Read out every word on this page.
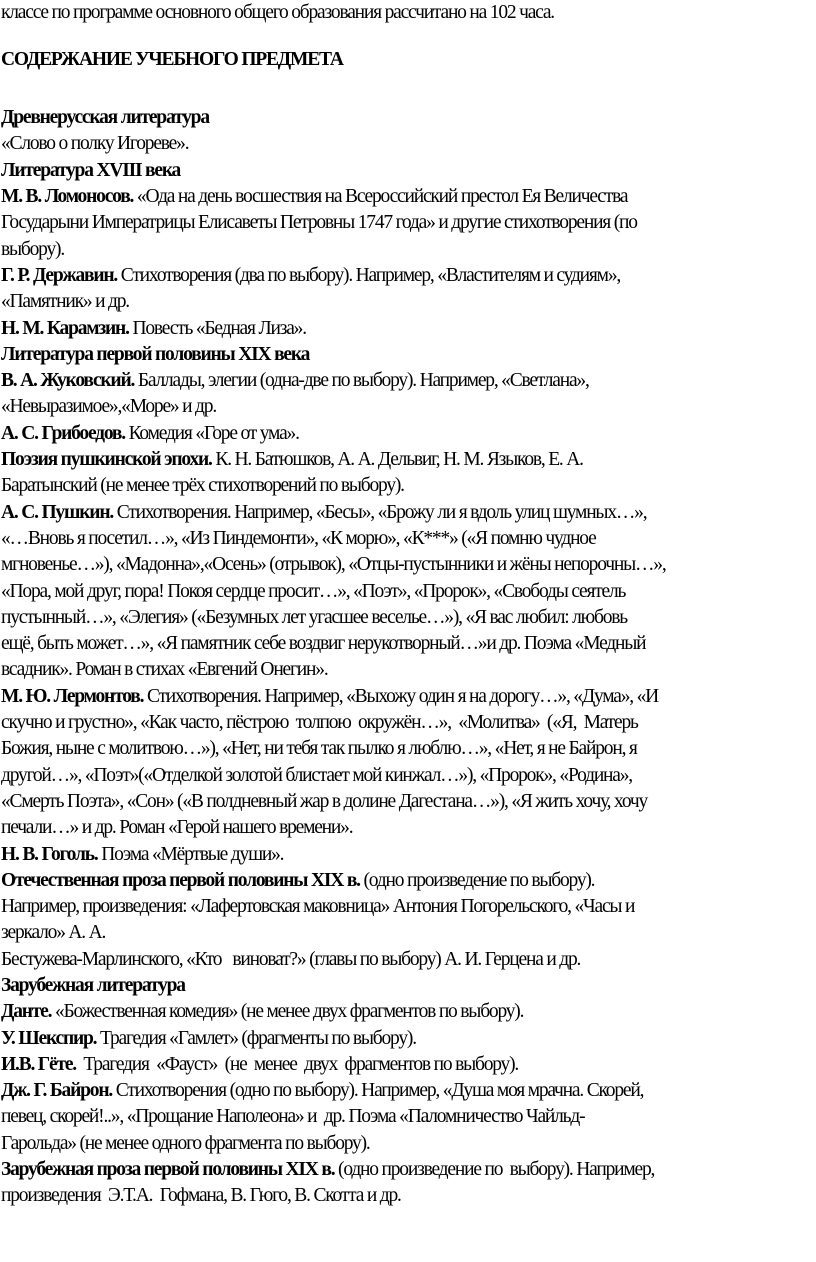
классе по программе основного общего образования рассчитано на 102 часа.
СОДЕРЖАНИЕ УЧЕБНОГО ПРЕДМЕТА
Древнерусская литература
«Слово о полку Игореве».
Литература XVIII века
М. В. Ломоносов. «Ода на день восшествия на Всероссийский престол Ея Величества
Государыни Императрицы Елисаветы Петровны 1747 года» и другие стихотворения (по
выбору).
Г. Р. Державин. Стихотворения (два по выбору). Например, «Властителям и судиям»,
«Памятник» и др.
Н. М. Карамзин. Повесть «Бедная Лиза».
Литература первой половины XIX века
В. А. Жуковский. Баллады, элегии (одна-две по выбору). Например, «Светлана»,
«Невыразимое»,«Море» и др.
А. С. Грибоедов. Комедия «Горе от ума».
Поэзия пушкинской эпохи. К. Н. Батюшков, А. А. Дельвиг, Н. М. Языков, Е. А.
Баратынский (не менее трёх стихотворений по выбору).
А. С. Пушкин. Стихотворения. Например, «Бесы», «Брожу ли я вдоль улиц шумных…»,
«…Вновь я посетил…», «Из Пиндемонти», «К морю», «К***» («Я помню чудное
мгновенье…»), «Мадонна»,«Осень» (отрывок), «Отцы-пустынники и жёны непорочны…»,
«Пора, мой друг, пора! Покоя сердце просит…», «Поэт», «Пророк», «Свободы сеятель
пустынный…», «Элегия» («Безумных лет угасшее веселье…»), «Я вас любил: любовь
ещё, быть может…», «Я памятник себе воздвиг нерукотворный…»и др. Поэма «Медный
всадник». Роман в стихах «Евгений Онегин».
М. Ю. Лермонтов. Стихотворения. Например, «Выхожу один я на дорогу…», «Дума», «И
скучно и грустно», «Как часто, пёстрою  толпою  окружён…»,  «Молитва»  («Я,  Матерь
Божия, ныне с молитвою…»), «Нет, ни тебя так пылко я люблю…», «Нет, я не Байрон, я
другой…», «Поэт»(«Отделкой золотой блистает мой кинжал…»), «Пророк», «Родина»,
«Смерть Поэта», «Сон» («В полдневный жар в долине Дагестана…»), «Я жить хочу, хочу
печали…» и др. Роман «Герой нашего времени».
Н. В. Гоголь. Поэма «Мёртвые души».
Отечественная проза первой половины XIX в. (одно произведение по выбору).
Например, произведения: «Лафертовская маковница» Антония Погорельского, «Часы и
зеркало» А. А.
Бестужева-Марлинского, «Кто   виноват?» (главы по выбору) А. И. Герцена и др.
Зарубежная литература
Данте. «Божественная комедия» (не менее двух фрагментов по выбору).
У. Шекспир. Трагедия «Гамлет» (фрагменты по выбору).
И.В. Гёте.  Трагедия  «Фауст»  (не  менее  двух  фрагментов по выбору).
Дж. Г. Байрон. Стихотворения (одно по выбору). Например, «Душа моя мрачна. Скорей,
певец, скорей!..», «Прощание Наполеона» и  др. Поэма «Паломничество Чайльд-
Гарольда» (не менее одного фрагмента по выбору).
Зарубежная проза первой половины XIX в. (одно произведение по  выбору). Например,
произведения  Э.Т.А.  Гофмана, В. Гюго, В. Скотта и др.
